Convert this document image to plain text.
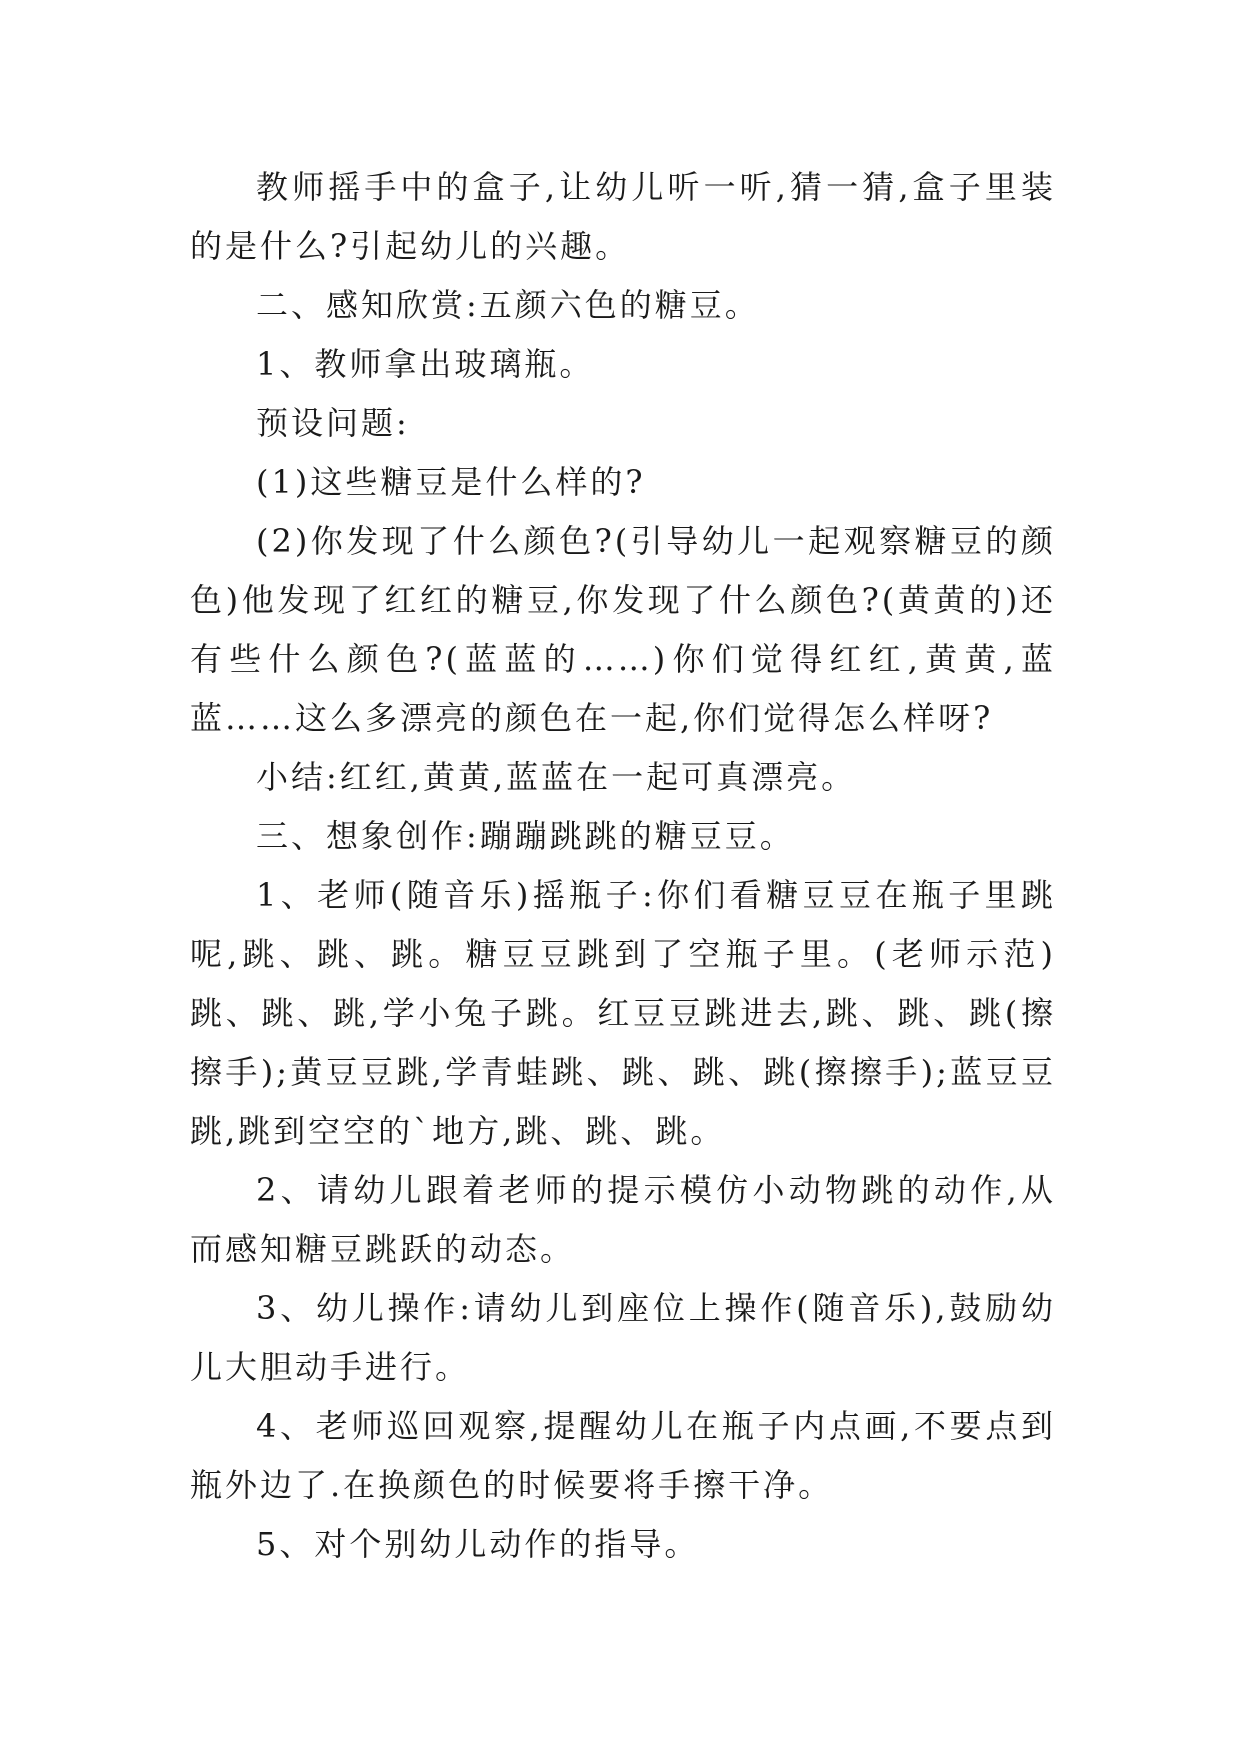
教师摇手中的盒子,让幼儿听一听,猜一猜,盒子里装的是什么?引起幼儿的兴趣。

二、感知欣赏:五颜六色的糖豆。

1、教师拿出玻璃瓶。

预设问题:

(1)这些糖豆是什么样的?

(2)你发现了什么颜色?(引导幼儿一起观察糖豆的颜色)他发现了红红的糖豆,你发现了什么颜色?(黄黄的)还有些什么颜色?(蓝蓝的……)你们觉得红红,黄黄,蓝蓝……这么多漂亮的颜色在一起,你们觉得怎么样呀?

小结:红红,黄黄,蓝蓝在一起可真漂亮。

三、想象创作:蹦蹦跳跳的糖豆豆。

1、老师(随音乐)摇瓶子:你们看糖豆豆在瓶子里跳呢,跳、跳、跳。糖豆豆跳到了空瓶子里。(老师示范)跳、跳、跳,学小兔子跳。红豆豆跳进去,跳、跳、跳(擦擦手);黄豆豆跳,学青蛙跳、跳、跳、跳(擦擦手);蓝豆豆跳,跳到空空的`地方,跳、跳、跳。

2、请幼儿跟着老师的提示模仿小动物跳的动作,从而感知糖豆跳跃的动态。

3、幼儿操作:请幼儿到座位上操作(随音乐),鼓励幼儿大胆动手进行。

4、老师巡回观察,提醒幼儿在瓶子内点画,不要点到瓶外边了.在换颜色的时候要将手擦干净。

5、对个别幼儿动作的指导。
